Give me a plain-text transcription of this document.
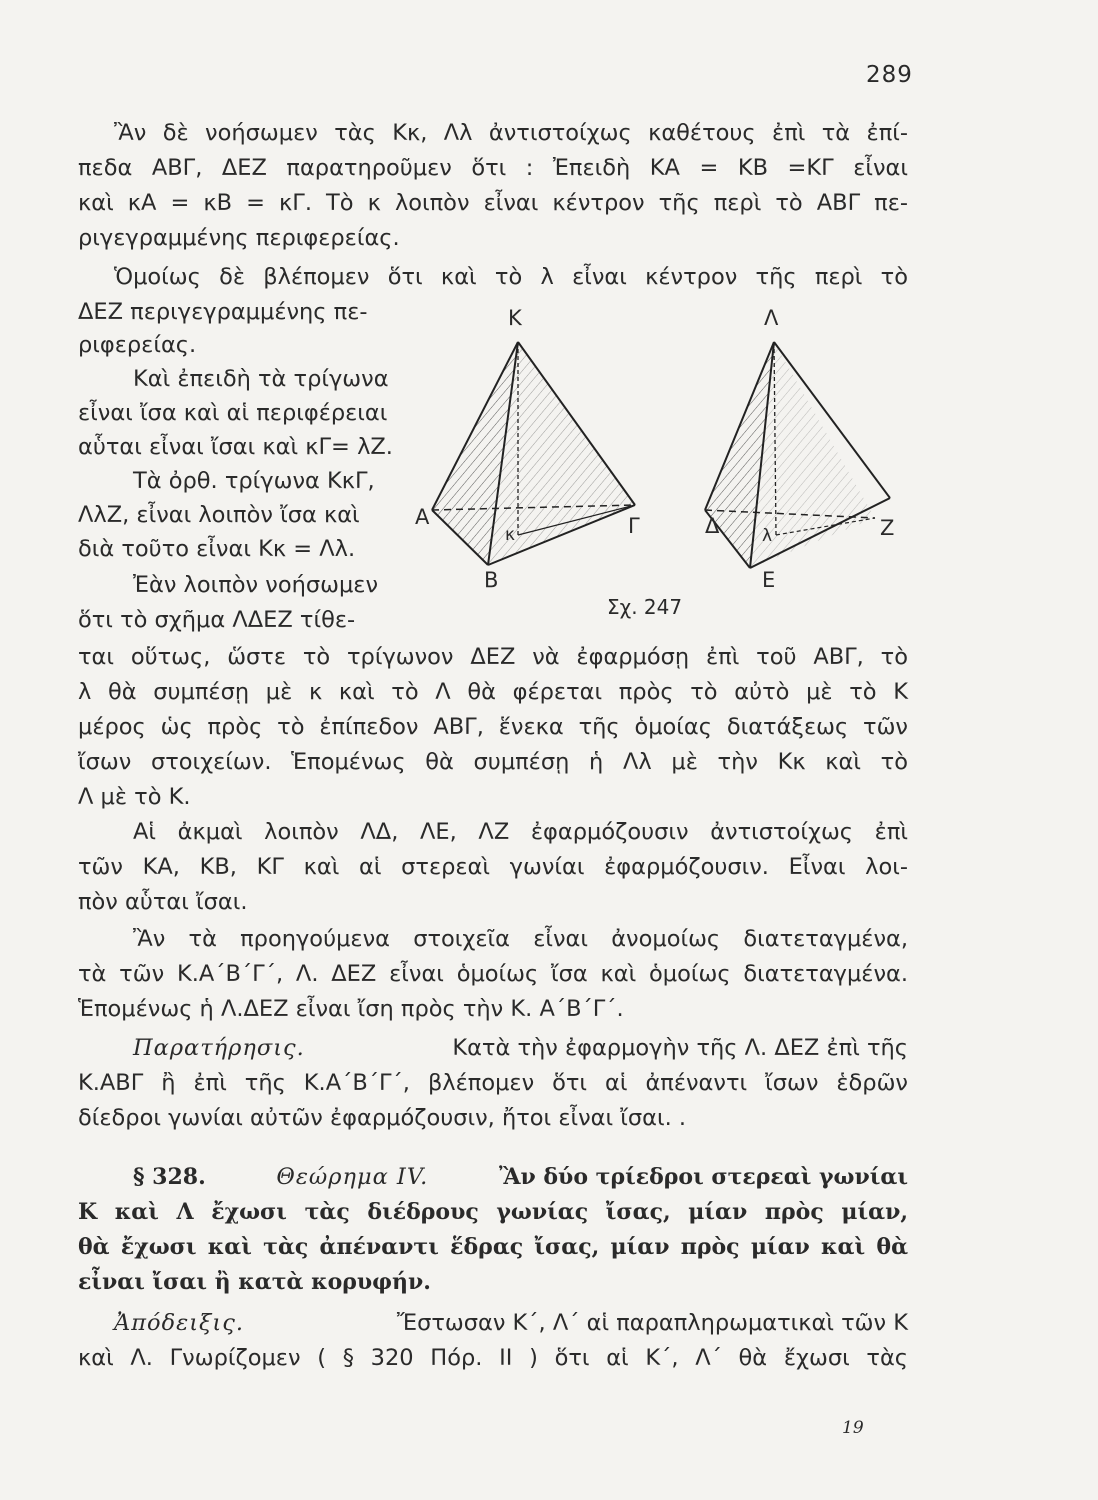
289
Ἂν δὲ νοήσωμεν τὰς Κκ, Λλ ἀντιστοίχως καθέτους ἐπὶ τὰ ἐπί-
πεδα ΑΒΓ, ΔΕΖ παρατηροῦμεν ὅτι : Ἐπειδὴ ΚΑ = ΚΒ =ΚΓ εἶναι
καὶ κΑ = κΒ = κΓ. Τὸ κ λοιπὸν εἶναι κέντρον τῆς περὶ τὸ ΑΒΓ πε-
ριγεγραμμένης περιφερείας.
Ὁμοίως δὲ βλέπομεν ὅτι καὶ τὸ λ εἶναι κέντρον τῆς περὶ τὸ
ΔΕΖ περιγεγραμμένης πε-
ριφερείας.
Καὶ ἐπειδὴ τὰ τρίγωνα
εἶναι ἴσα καὶ αἱ περιφέρειαι
αὗται εἶναι ἴσαι καὶ κΓ= λΖ.
Τὰ ὀρθ. τρίγωνα ΚκΓ,
ΛλΖ, εἶναι λοιπὸν ἴσα καὶ
διὰ τοῦτο εἶναι Κκ = Λλ.
Ἐὰν λοιπὸν νοήσωμεν
ὅτι τὸ σχῆμα ΛΔΕΖ τίθε-
ται οὕτως, ὥστε τὸ τρίγωνον ΔΕΖ νὰ ἐφαρμόσῃ ἐπὶ τοῦ ΑΒΓ, τὸ
λ θὰ συμπέσῃ μὲ κ καὶ τὸ Λ θὰ φέρεται πρὸς τὸ αὐτὸ μὲ τὸ Κ
μέρος ὡς πρὸς τὸ ἐπίπεδον ΑΒΓ, ἕνεκα τῆς ὁμοίας διατάξεως τῶν
ἴσων στοιχείων. Ἑπομένως θὰ συμπέσῃ ἡ Λλ μὲ τὴν Κκ καὶ τὸ
Λ μὲ τὸ Κ.
Αἱ ἀκμαὶ λοιπὸν ΛΔ, ΛΕ, ΛΖ ἐφαρμόζουσιν ἀντιστοίχως ἐπὶ
τῶν ΚΑ, ΚΒ, ΚΓ καὶ αἱ στερεαὶ γωνίαι ἐφαρμόζουσιν. Εἶναι λοι-
πὸν αὗται ἴσαι.
Ἂν τὰ προηγούμενα στοιχεῖα εἶναι ἀνομοίως διατεταγμένα,
τὰ τῶν Κ.Α΄Β΄Γ΄, Λ. ΔΕΖ εἶναι ὁμοίως ἴσα καὶ ὁμοίως διατεταγμένα.
Ἑπομένως ἡ Λ.ΔΕΖ εἶναι ἴση πρὸς τὴν Κ. Α΄Β΄Γ΄.
Παρατήρησις.	Κατὰ τὴν ἐφαρμογὴν τῆς Λ. ΔΕΖ ἐπὶ τῆς
Κ.ΑΒΓ ἢ ἐπὶ τῆς Κ.Α΄Β΄Γ΄, βλέπομεν ὅτι αἱ ἀπέναντι ἴσων ἑδρῶν
δίεδροι γωνίαι αὐτῶν ἐφαρμόζουσιν, ἤτοι εἶναι ἴσαι. .
§ 328.	Θεώρημα IV.	Ἂν δύο τρίεδροι στερεαὶ γωνίαι
Κ καὶ Λ ἔχωσι τὰς διέδρους γωνίας ἴσας, μίαν πρὸς μίαν,
θὰ ἔχωσι καὶ τὰς ἀπέναντι ἕδρας ἴσας, μίαν πρὸς μίαν καὶ θὰ
εἶναι ἴσαι ἢ κατὰ κορυφήν.
Ἀπόδειξις.	Ἔστωσαν Κ΄, Λ΄ αἱ παραπληρωματικαὶ τῶν Κ
καὶ Λ. Γνωρίζομεν ( § 320 Πόρ. ΙΙ ) ὅτι αἱ Κ΄, Λ΄ θὰ ἔχωσι τὰς
19
Κ
Α
Β
Γ
κ
Λ
Δ
Ε
Ζ
λ
Σχ. 247
